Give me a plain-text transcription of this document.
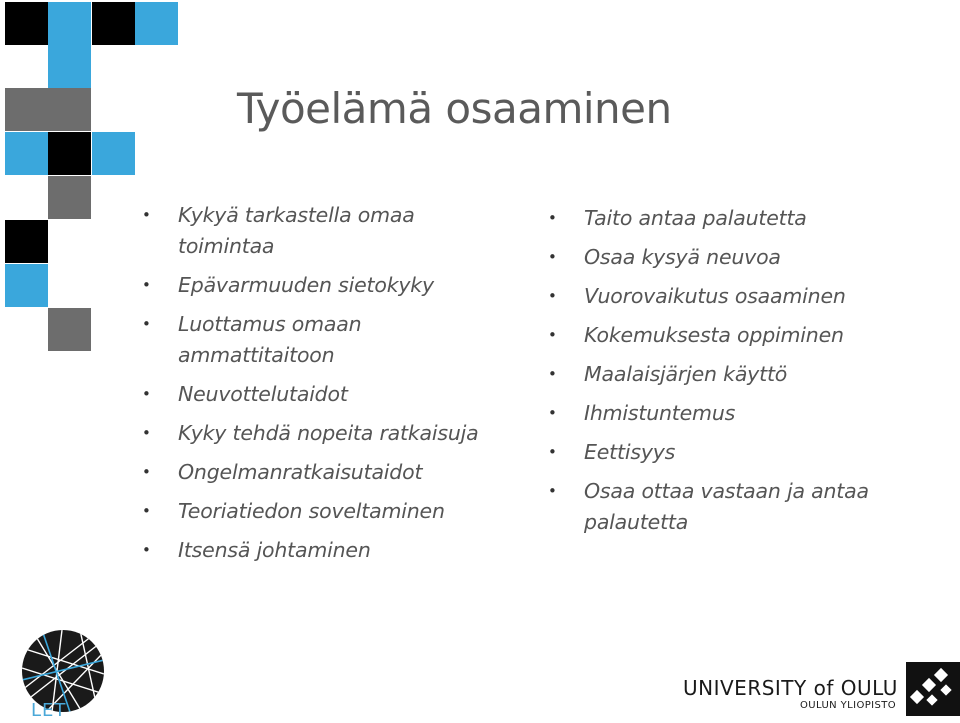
Työelämä osaaminen
• Kykyä tarkastella omaa toimintaa
• Epävarmuuden sietokyky
• Luottamus omaan ammattitaitoon
• Neuvottelutaidot
• Kyky tehdä nopeita ratkaisuja
• Ongelmanratkaisutaidot
• Teoriatiedon soveltaminen
• Itsensä johtaminen
• Taito antaa palautetta
• Osaa kysyä neuvoa
• Vuorovaikutus osaaminen
• Kokemuksesta oppiminen
• Maalaisjärjen käyttö
• Ihmistuntemus
• Eettisyys
• Osaa ottaa vastaan ja antaa palautetta
LET
UNIVERSITY of OULU
OULUN YLIOPISTO
